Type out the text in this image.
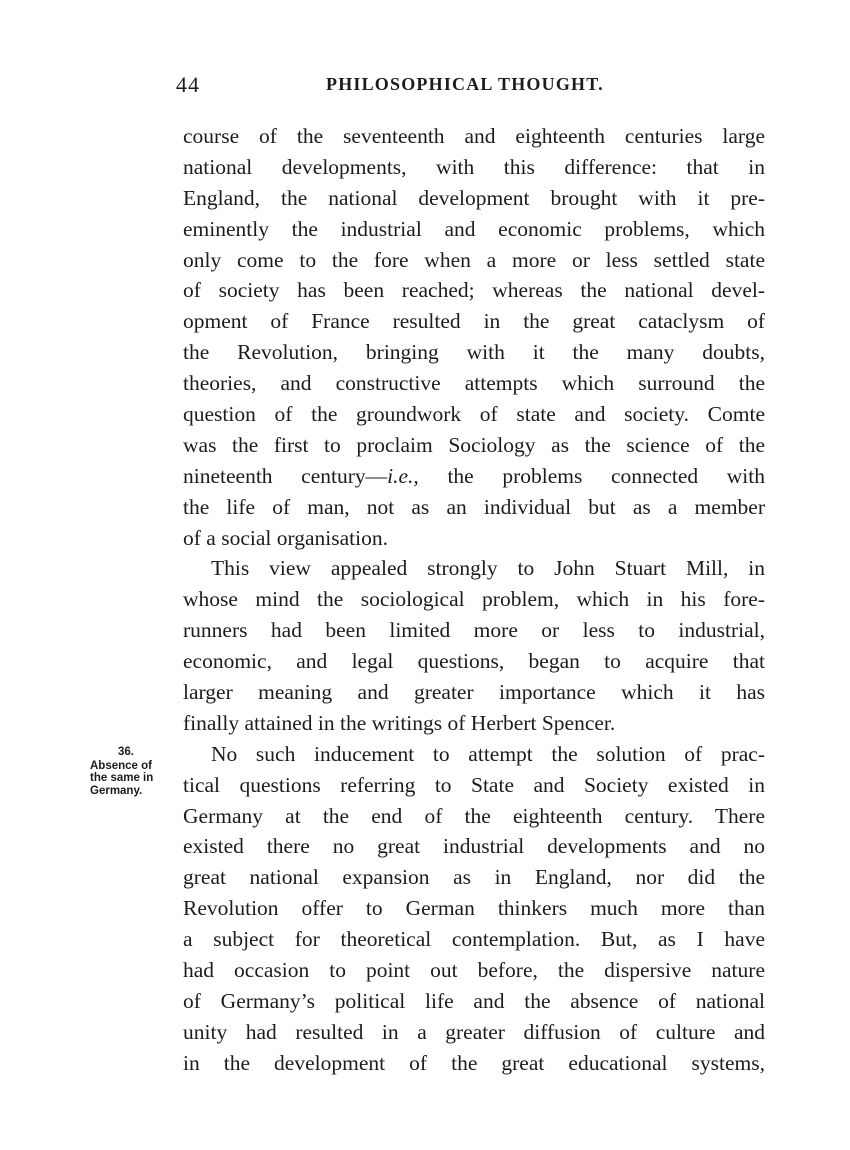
44	PHILOSOPHICAL THOUGHT.
36.
Absence of
the same in
Germany.
course of the seventeenth and eighteenth centuries large
national developments, with this difference: that in
England, the national development brought with it pre-
eminently the industrial and economic problems, which
only come to the fore when a more or less settled state
of society has been reached; whereas the national devel-
opment of France resulted in the great cataclysm of
the Revolution, bringing with it the many doubts,
theories, and constructive attempts which surround the
question of the groundwork of state and society. Comte
was the first to proclaim Sociology as the science of the
nineteenth century—i.e., the problems connected with
the life of man, not as an individual but as a member
of a social organisation.
This view appealed strongly to John Stuart Mill, in
whose mind the sociological problem, which in his fore-
runners had been limited more or less to industrial,
economic, and legal questions, began to acquire that
larger meaning and greater importance which it has
finally attained in the writings of Herbert Spencer.
No such inducement to attempt the solution of prac-
tical questions referring to State and Society existed in
Germany at the end of the eighteenth century. There
existed there no great industrial developments and no
great national expansion as in England, nor did the
Revolution offer to German thinkers much more than
a subject for theoretical contemplation. But, as I have
had occasion to point out before, the dispersive nature
of Germany’s political life and the absence of national
unity had resulted in a greater diffusion of culture and
in the development of the great educational systems,
